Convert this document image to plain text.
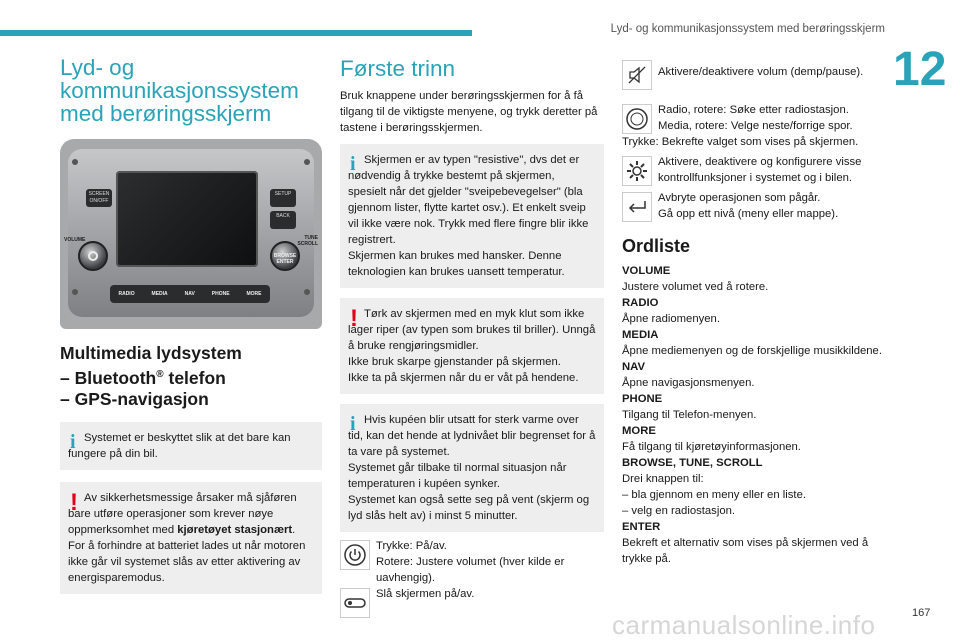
Lyd- og kommunikasjonssystem med berøringsskjerm
12
Lyd- og
kommunikasjonssystem
med berøringsskjerm
SCREEN ON/OFF
SETUP
BACK
VOLUME	TUNE SCROLL
BROWSE ENTER
RADIO	MEDIA	NAV	PHONE	MORE
Multimedia lydsystem
– Bluetooth® telefon
– GPS-navigasjon
i Systemet er beskyttet slik at det bare kan fungere på din bil.

! Av sikkerhetsmessige årsaker må sjåføren bare utføre operasjoner som krever nøye oppmerksomhet med kjøretøyet stasjonært.

For å forhindre at batteriet lades ut når motoren ikke går vil systemet slås av etter aktivering av energisparemodus.

Første trinn

Bruk knappene under berøringsskjermen for å få tilgang til de viktigste menyene, og trykk deretter på tastene i berøringsskjermen.

i Skjermen er av typen "resistive", dvs det er nødvendig å trykke bestemt på skjermen, spesielt når det gjelder "sveipebevegelser" (bla gjennom lister, flytte kartet osv.). Et enkelt sveip vil ikke være nok. Trykk med flere fingre blir ikke registrert.

Skjermen kan brukes med hansker. Denne teknologien kan brukes uansett temperatur.

! Tørk av skjermen med en myk klut som ikke lager riper (av typen som brukes til briller). Unngå å bruke rengjøringsmidler.

Ikke bruk skarpe gjenstander på skjermen.

Ikke ta på skjermen når du er våt på hendene.

i Hvis kupéen blir utsatt for sterk varme over tid, kan det hende at lydnivået blir begrenset for å ta vare på systemet.

Systemet går tilbake til normal situasjon når temperaturen i kupéen synker.

Systemet kan også sette seg på vent (skjerm og lyd slås helt av) i minst 5 minutter.

Trykke: På/av.

Rotere: Justere volumet (hver kilde er uavhengig).

Slå skjermen på/av.

Aktivere/deaktivere volum (demp/pause).

Radio, rotere: Søke etter radiostasjon.

Media, rotere: Velge neste/forrige spor.

Trykke: Bekrefte valget som vises på skjermen.

Aktivere, deaktivere og konfigurere visse kontrollfunksjoner i systemet og i bilen.

Avbryte operasjonen som pågår.

Gå opp ett nivå (meny eller mappe).

Ordliste

VOLUME

Justere volumet ved å rotere.

RADIO

Åpne radiomenyen.

MEDIA

Åpne mediemenyen og de forskjellige musikkildene.

NAV

Åpne navigasjonsmenyen.

PHONE

Tilgang til Telefon-menyen.

MORE

Få tilgang til kjøretøyinformasjonen.

BROWSE, TUNE, SCROLL

Drei knappen til:

– bla gjennom en meny eller en liste.

– velg en radiostasjon.

ENTER

Bekreft et alternativ som vises på skjermen ved å trykke på.

carmanualsonline.info	167
